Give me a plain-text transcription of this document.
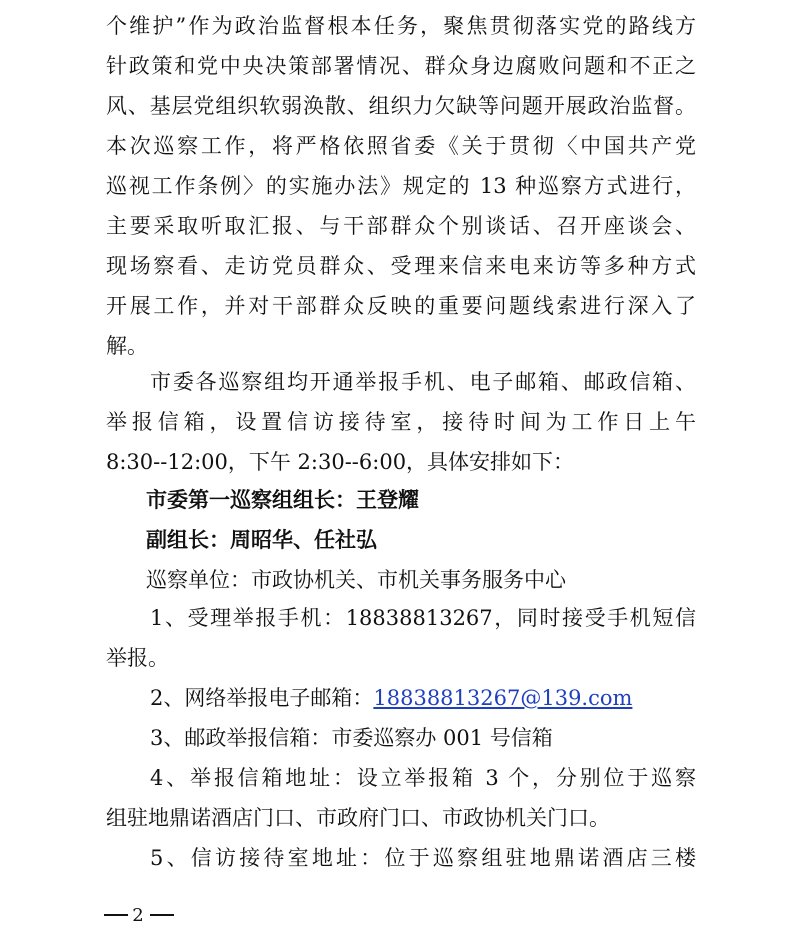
个维护”作为政治监督根本任务，聚焦贯彻落实党的路线方
针政策和党中央决策部署情况、群众身边腐败问题和不正之
风、基层党组织软弱涣散、组织力欠缺等问题开展政治监督。
本次巡察工作，将严格依照省委《关于贯彻〈中国共产党
巡视工作条例〉的实施办法》规定的 13 种巡察方式进行，
主要采取听取汇报、与干部群众个别谈话、召开座谈会、
现场察看、走访党员群众、受理来信来电来访等多种方式
开展工作，并对干部群众反映的重要问题线索进行深入了
解。
市委各巡察组均开通举报手机、电子邮箱、邮政信箱、
举报信箱，设置信访接待室，接待时间为工作日上午
8:30--12:00，下午 2:30--6:00，具体安排如下：
市委第一巡察组组长：王登耀
副组长：周昭华、任社弘
巡察单位：市政协机关、市机关事务服务中心
1、受理举报手机：18838813267，同时接受手机短信
举报。
2、网络举报电子邮箱：18838813267@139.com
3、邮政举报信箱：市委巡察办 001 号信箱
4、举报信箱地址：设立举报箱 3 个，分别位于巡察
组驻地鼎诺酒店门口、市政府门口、市政协机关门口。
5、信访接待室地址：位于巡察组驻地鼎诺酒店三楼
2
